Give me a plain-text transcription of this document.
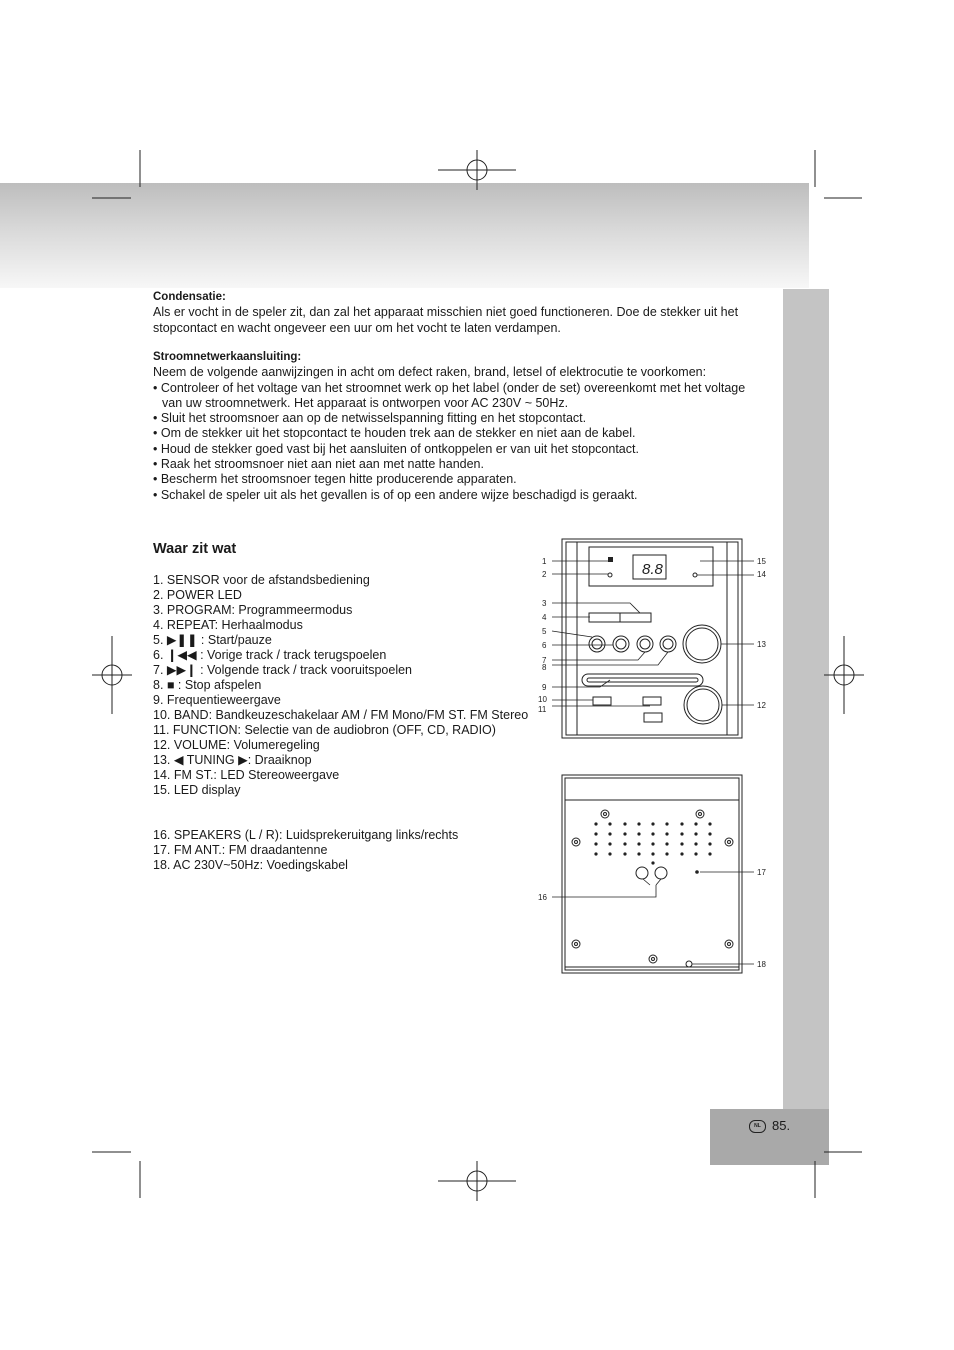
NL 85.

Condensatie:

Als er vocht in de speler zit, dan zal het apparaat misschien niet goed functioneren. Doe de stekker uit het stopcontact en wacht ongeveer een uur om het vocht te laten verdampen.

Stroomnetwerkaansluiting:

Neem de volgende aanwijzingen in acht om defect raken, brand, letsel of elektrocutie te voorkomen:

• Controleer of het voltage van het stroomnet werk op het label (onder de set) overeenkomt met het voltage van uw stroomnetwerk. Het apparaat is ontworpen voor AC 230V ~ 50Hz.

• Sluit het stroomsnoer aan op de netwisselspanning fitting en het stopcontact.

• Om de stekker uit het stopcontact te houden trek aan de stekker en niet aan de kabel.

• Houd de stekker goed vast bij het aansluiten of ontkoppelen er van uit het stopcontact.

• Raak het stroomsnoer niet aan niet aan met natte handen.

• Bescherm het stroomsnoer tegen hitte producerende apparaten.

• Schakel de speler uit als het gevallen is of op een andere wijze beschadigd is geraakt.

Waar zit wat
1. SENSOR voor de afstandsbediening
2. POWER LED
3. PROGRAM: Programmeermodus
4. REPEAT: Herhaalmodus
5. ▶❚❚ : Start/pauze
6. ❙◀◀ : Vorige track / track terugspoelen
7. ▶▶❙ : Volgende track / track vooruitspoelen
8. ■ : Stop afspelen
9. Frequentieweergave
10. BAND: Bandkeuzeschakelaar AM / FM Mono/FM ST. FM Stereo
11. FUNCTION: Selectie van de audiobron (OFF, CD, RADIO)
12. VOLUME: Volumeregeling
13. ◀ TUNING ▶: Draaiknop
14. FM ST.: LED Stereoweergave
15. LED display
16. SPEAKERS (L / R): Luidsprekeruitgang links/rechts
17. FM ANT.: FM draadantenne
18. AC 230V~50Hz: Voedingskabel
8.8
1
2
3
4
5
6
7
8
9
10
11
15
14
13
12
17
16
18
